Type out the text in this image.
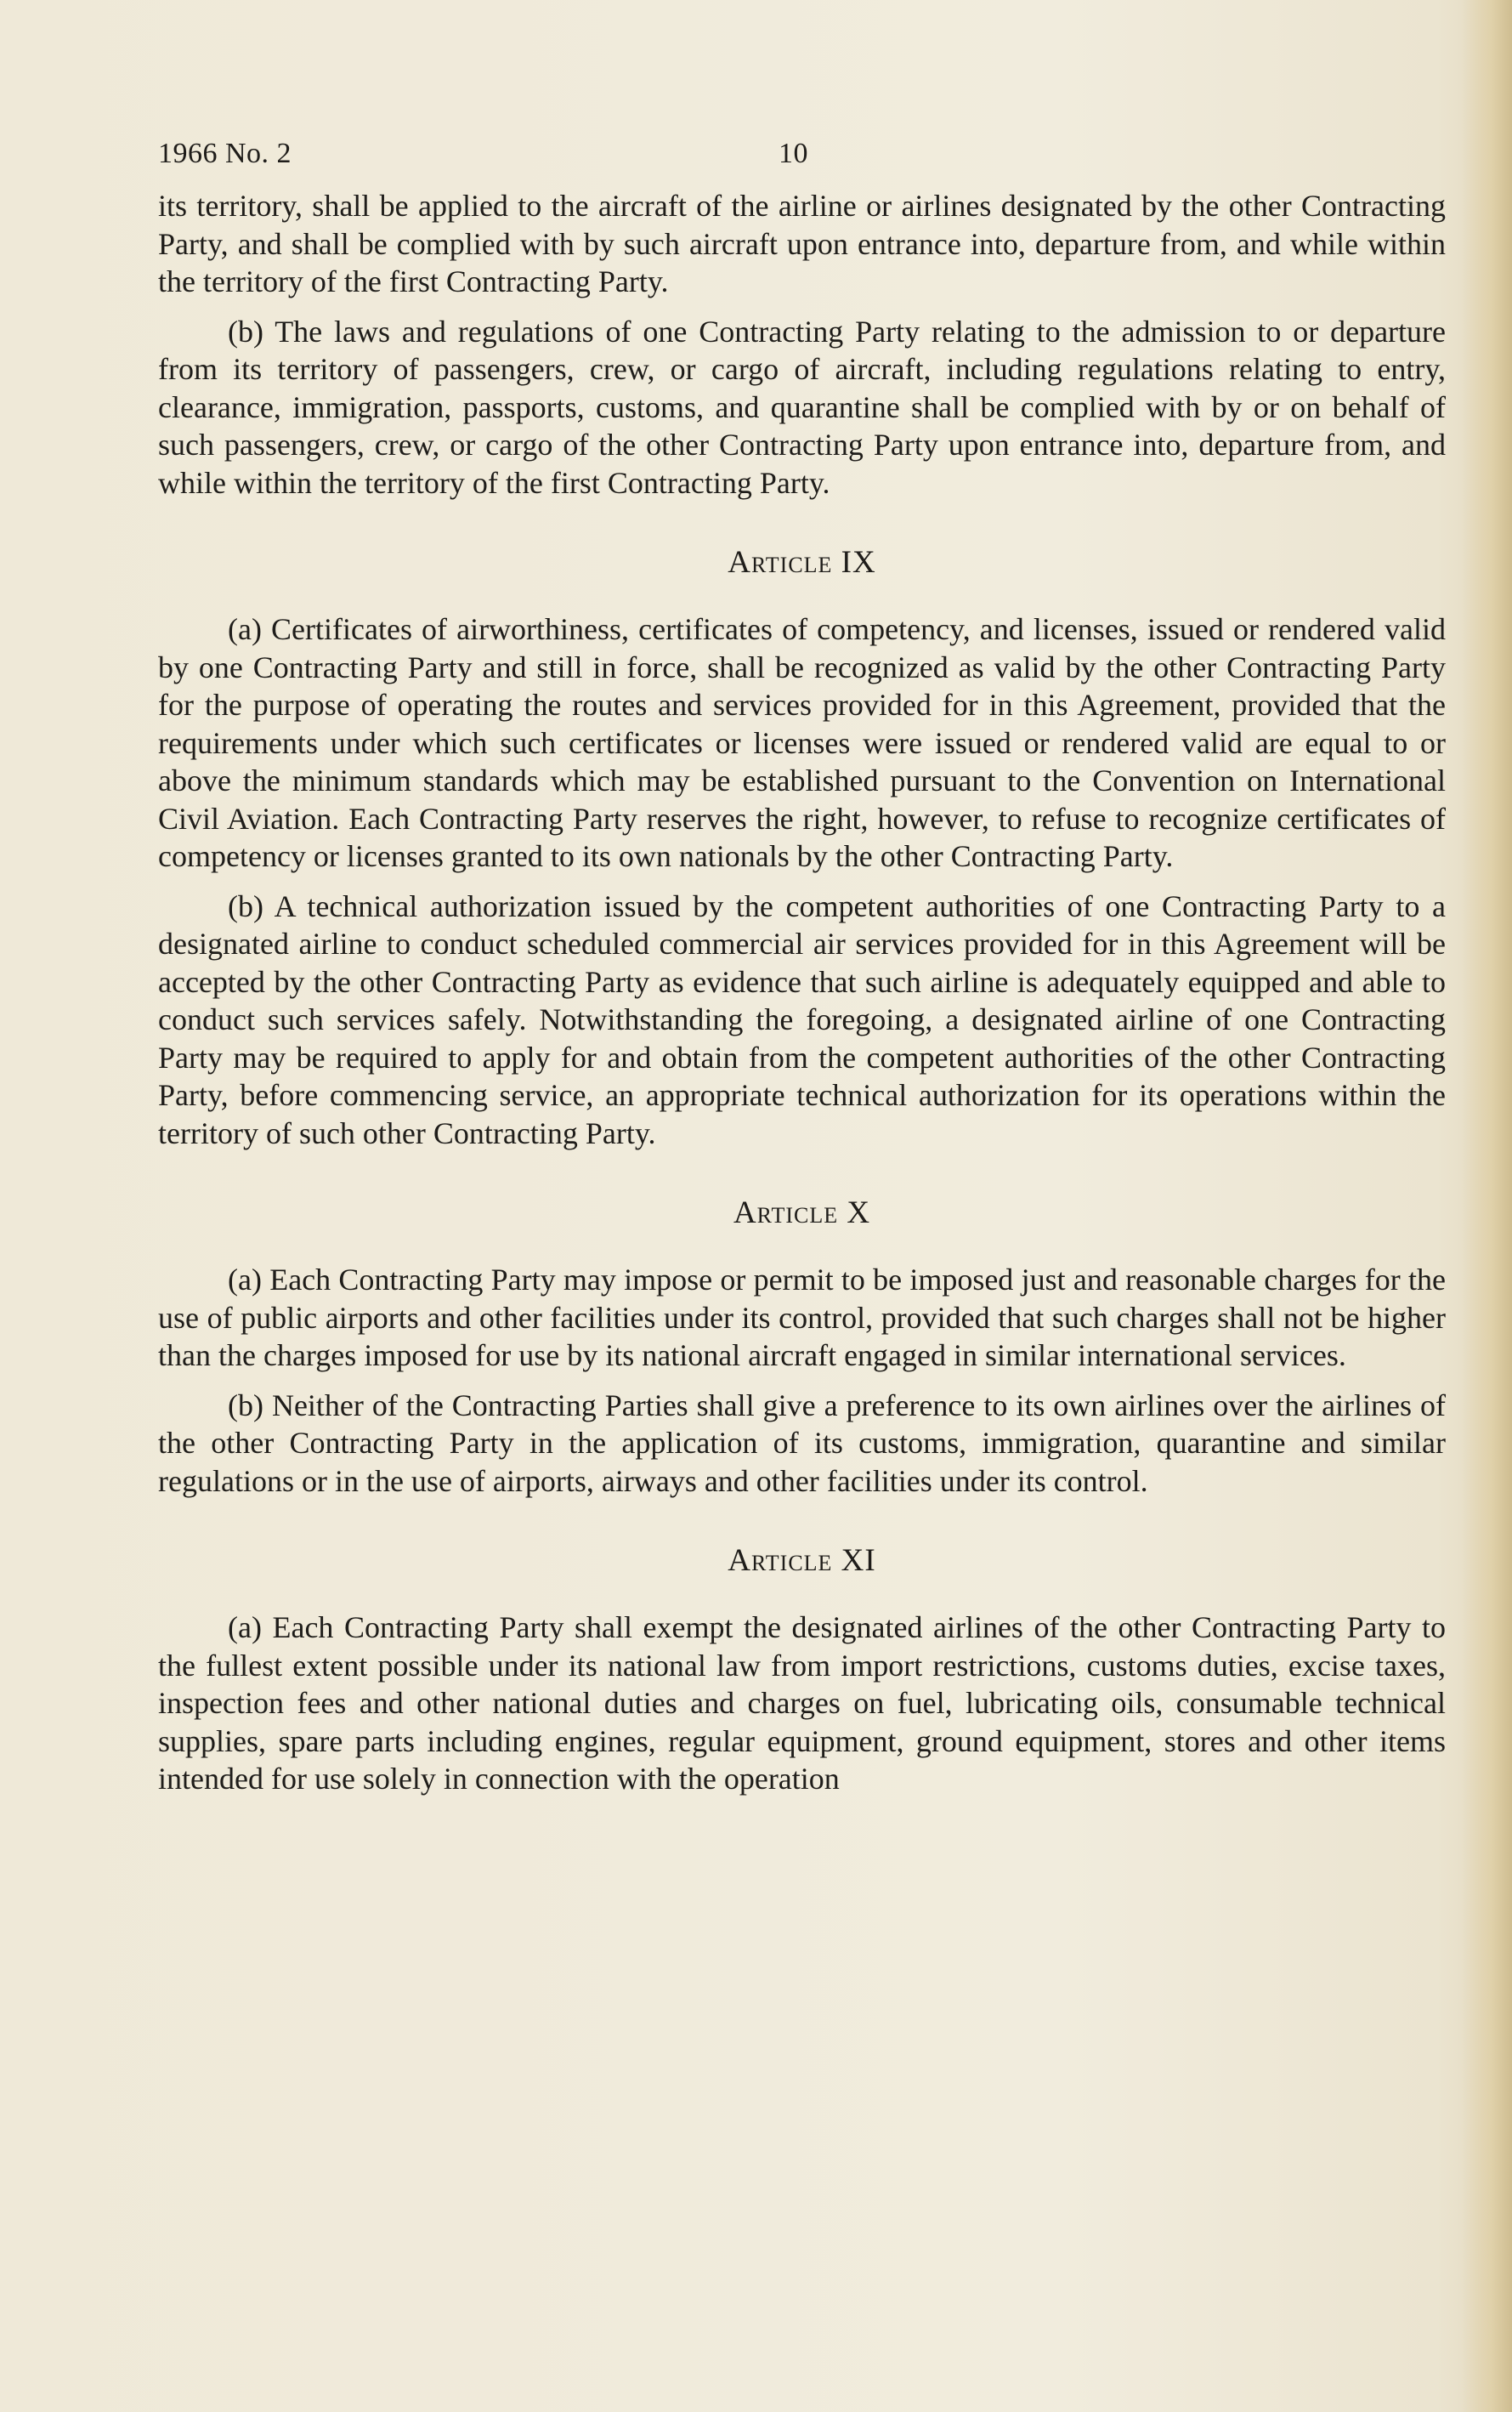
1966 No. 2	10

its territory, shall be applied to the aircraft of the airline or airlines designated by the other Contracting Party, and shall be complied with by such aircraft upon entrance into, departure from, and while within the territory of the first Contracting Party.

(b) The laws and regulations of one Contracting Party relating to the admission to or departure from its territory of passengers, crew, or cargo of aircraft, including regulations relating to entry, clearance, immigration, passports, customs, and quarantine shall be complied with by or on behalf of such passengers, crew, or cargo of the other Contracting Party upon entrance into, departure from, and while within the territory of the first Contracting Party.

Article IX

(a) Certificates of airworthiness, certificates of competency, and licenses, issued or rendered valid by one Contracting Party and still in force, shall be recognized as valid by the other Contracting Party for the purpose of operating the routes and services provided for in this Agreement, provided that the requirements under which such certificates or licenses were issued or rendered valid are equal to or above the minimum standards which may be established pursuant to the Convention on International Civil Aviation. Each Contracting Party reserves the right, however, to refuse to recognize certificates of competency or licenses granted to its own nationals by the other Contracting Party.

(b) A technical authorization issued by the competent authorities of one Contracting Party to a designated airline to conduct scheduled commercial air services provided for in this Agreement will be accepted by the other Contracting Party as evidence that such airline is adequately equipped and able to conduct such services safely. Notwithstanding the foregoing, a designated airline of one Contracting Party may be required to apply for and obtain from the competent authorities of the other Contracting Party, before commencing service, an appropriate technical authorization for its operations within the territory of such other Contracting Party.

Article X

(a) Each Contracting Party may impose or permit to be imposed just and reasonable charges for the use of public airports and other facilities under its control, provided that such charges shall not be higher than the charges imposed for use by its national aircraft engaged in similar international services.

(b) Neither of the Contracting Parties shall give a preference to its own airlines over the airlines of the other Contracting Party in the application of its customs, immigration, quarantine and similar regulations or in the use of airports, airways and other facilities under its control.

Article XI

(a) Each Contracting Party shall exempt the designated airlines of the other Contracting Party to the fullest extent possible under its national law from import restrictions, customs duties, excise taxes, inspection fees and other national duties and charges on fuel, lubricating oils, consumable technical supplies, spare parts including engines, regular equipment, ground equipment, stores and other items intended for use solely in connection with the operation
